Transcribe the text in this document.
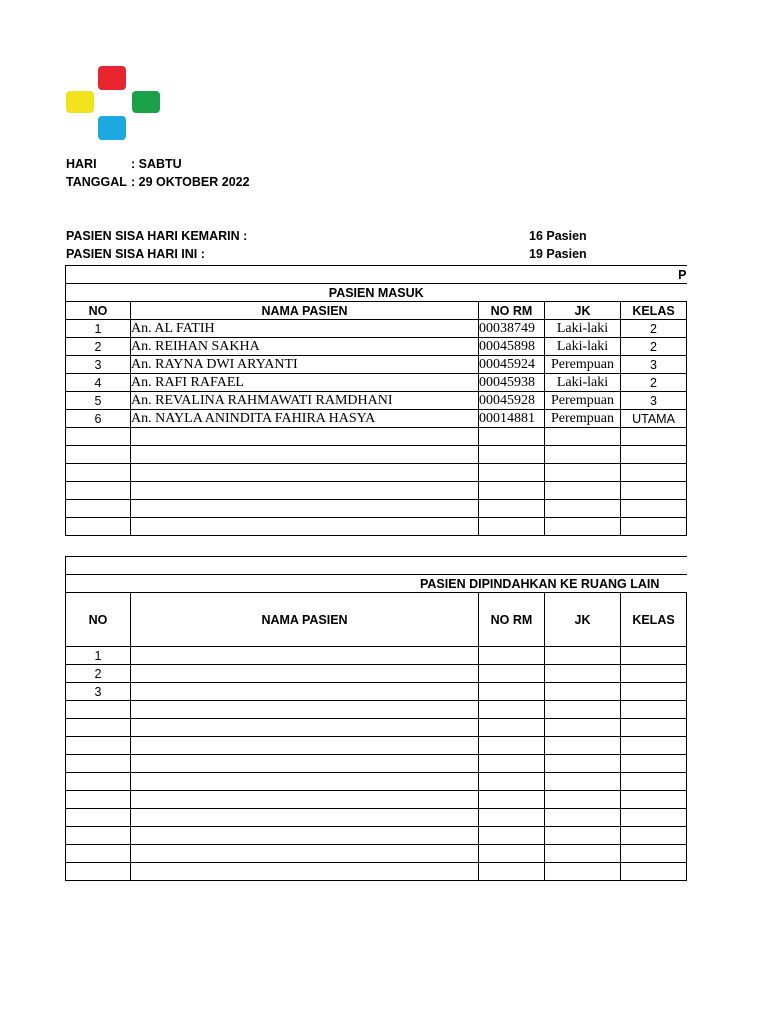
HARI	: SABTU
TANGGAL : 29 OKTOBER 2022
PASIEN SISA HARI KEMARIN :	16 Pasien
PASIEN SISA HARI INI :	19 Pasien
P				
PASIEN MASUK				
NO	NAMA PASIEN	NO RM	JK	KELAS
1	An. AL FATIH	00038749	Laki-laki	2
2	An. REIHAN SAKHA	00045898	Laki-laki	2
3	An. RAYNA DWI ARYANTI	00045924	Perempuan	3
4	An. RAFI RAFAEL	00045938	Laki-laki	2
5	An. REVALINA RAHMAWATI RAMDHANI	00045928	Perempuan	3
6	An. NAYLA ANINDITA FAHIRA HASYA	00014881	Perempuan	UTAMA

PASIEN DIPINDAHKAN KE RUANG LAIN				
NO	NAMA PASIEN	NO RM	JK	KELAS
1				
2				
3				
